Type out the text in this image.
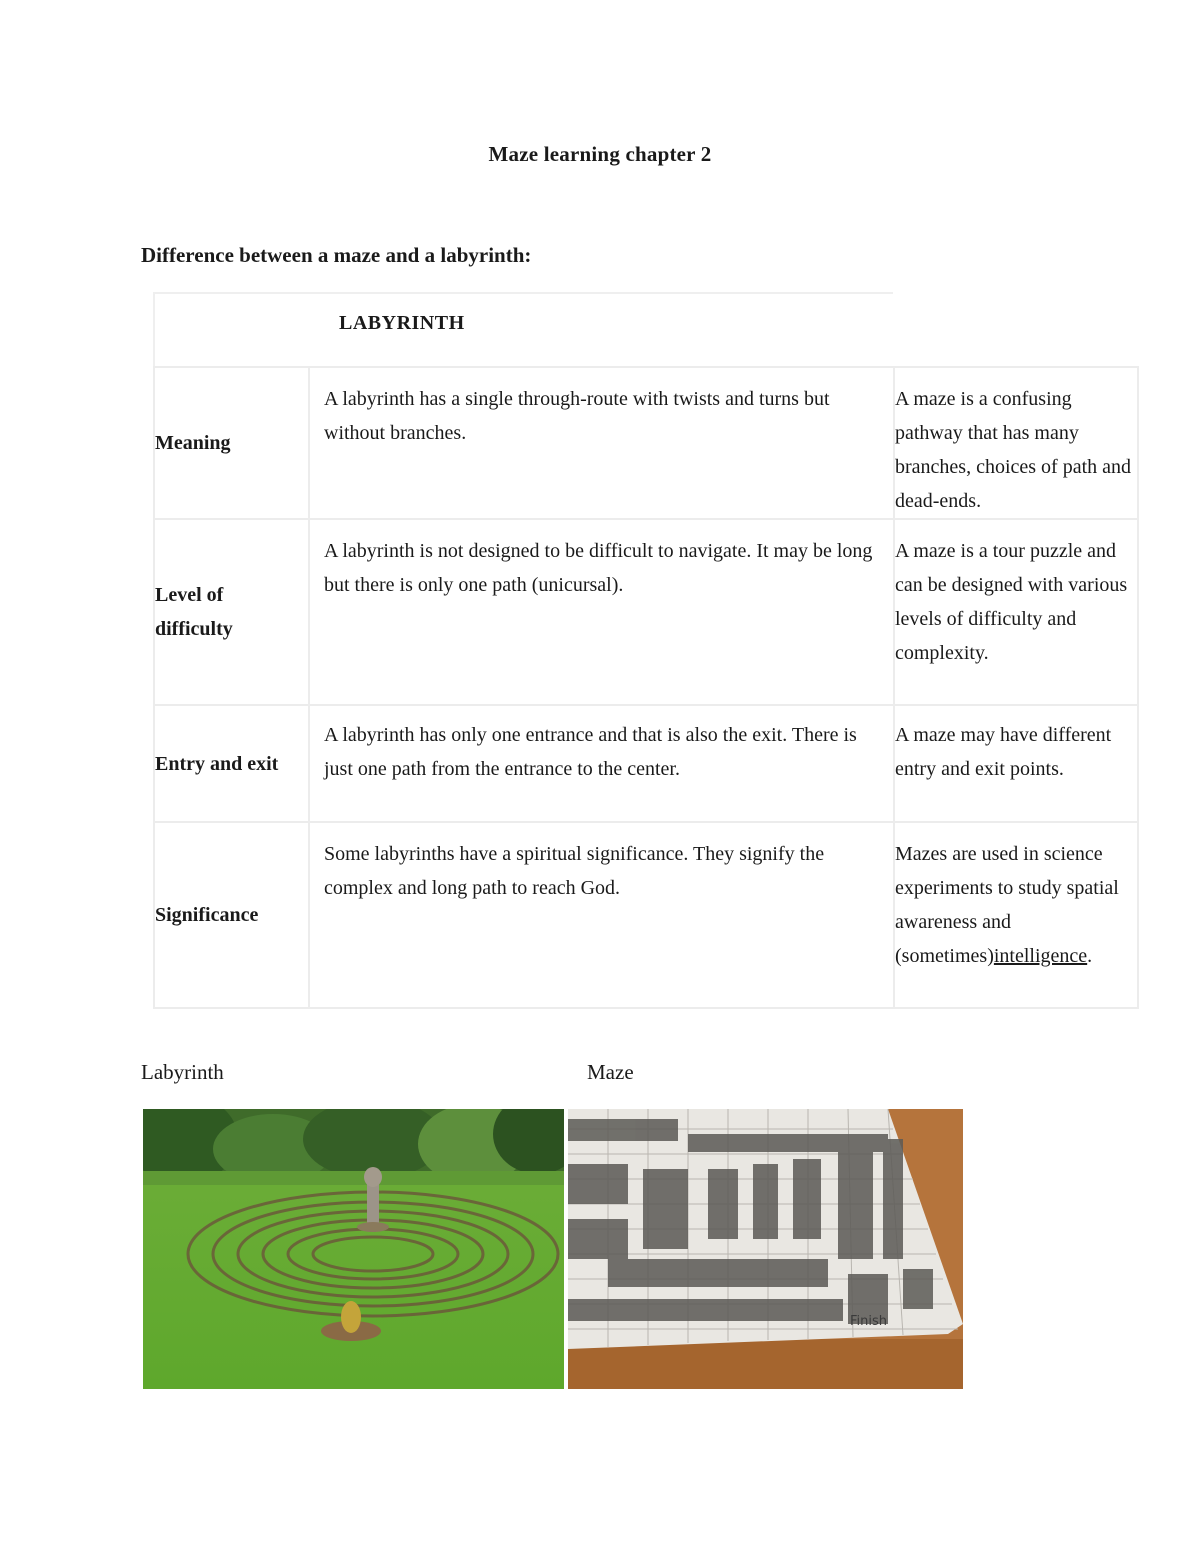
Maze learning chapter 2
Difference between a maze and a labyrinth:
LABYRINTH
Meaning	A labyrinth has a single through-route with twists and turns but without branches.	A maze is a confusing pathway that has many branches, choices of path and dead-ends.
Level of
difficulty	A labyrinth is not designed to be difficult to navigate. It may be long but there is only one path (unicursal).	A maze is a tour puzzle and can be designed with various levels of difficulty and complexity.
Entry and exit	A labyrinth has only one entrance and that is also the exit. There is just one path from the entrance to the center.	A maze may have different entry and exit points.
Significance	Some labyrinths have a spiritual significance. They signify the complex and long path to reach God.	Mazes are used in science experiments to study spatial awareness and (sometimes)intelligence.
Labyrinth	Maze
Finish
